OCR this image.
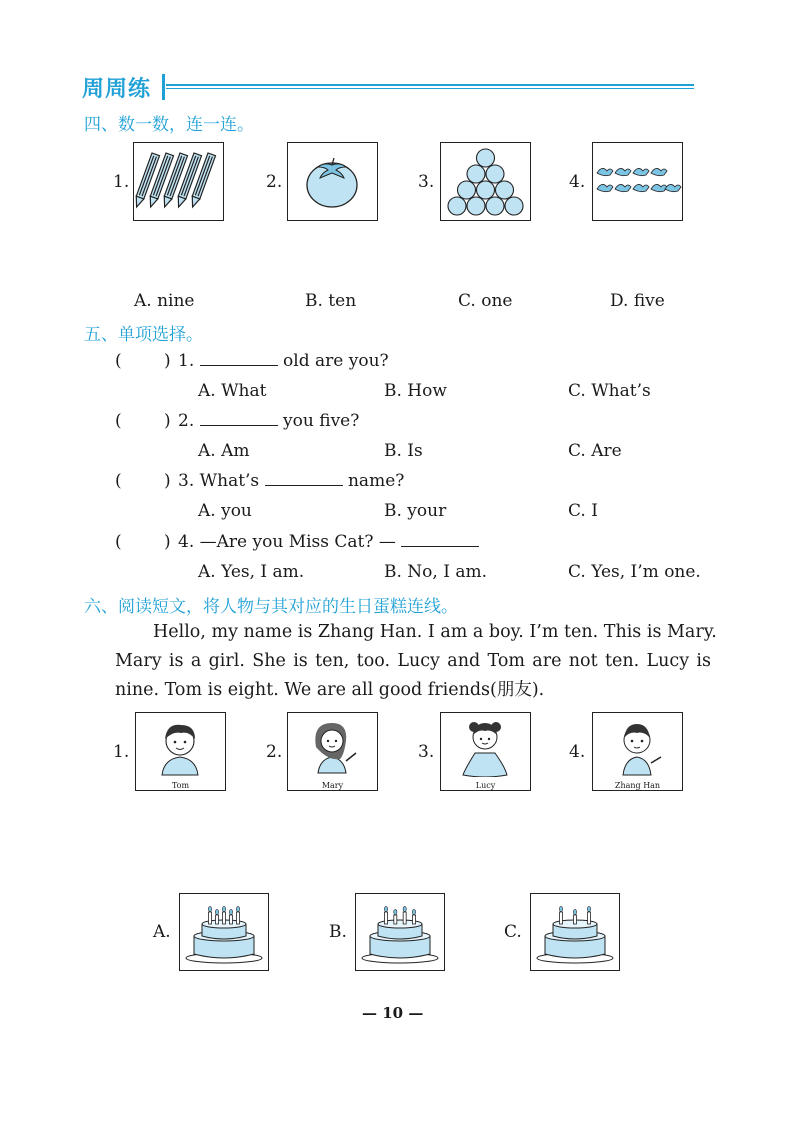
周周练
四、数一数，连一连。
1.	2.	3.	4.
A. nine	B. ten	C. one	D. five
五、单项选择。
( ) 1.	old are you?
A. What	B. How	C. What’s
( ) 2.	you five?
A. Am	B. Is	C. Are
( ) 3. What’s	name?
A. you	B. your	C. I
( ) 4. —Are you Miss Cat? —
A. Yes, I am.	B. No, I am.	C. Yes, I’m one.
六、阅读短文，将人物与其对应的生日蛋糕连线。
Hello, my name is Zhang Han. I am a boy. I’m ten. This is Mary.
Mary is a girl. She is ten, too. Lucy and Tom are not ten. Lucy is
nine. Tom is eight. We are all good friends(朋友).
1.
Tom
2.
Mary
3.
Lucy
4.
Zhang Han
A.	B.	C.
— 10 —
